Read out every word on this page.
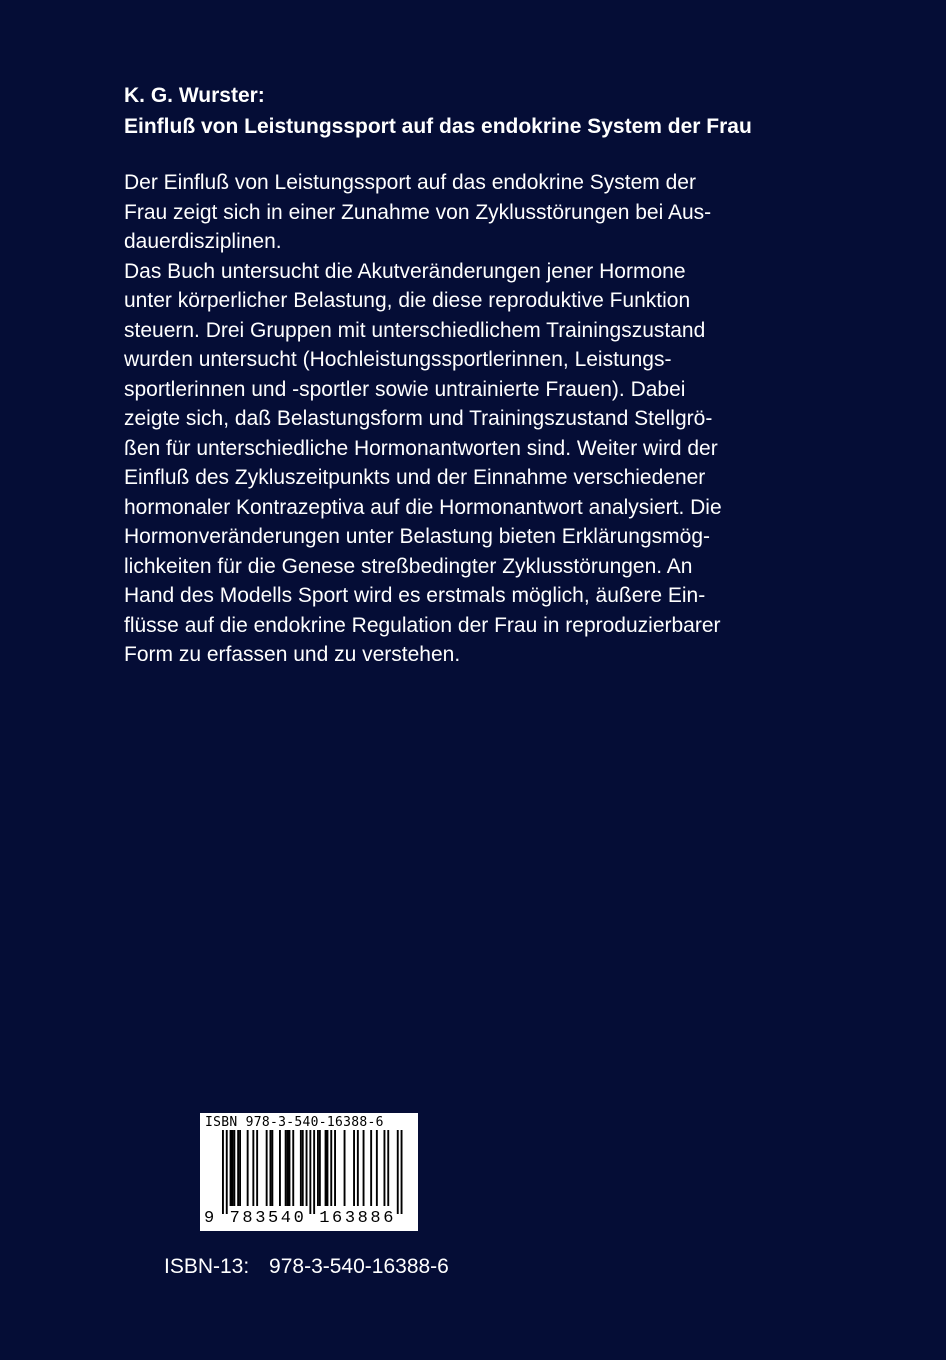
K. G. Wurster:
Einfluß von Leistungssport auf das endokrine System der Frau
Der Einfluß von Leistungssport auf das endokrine System der
Frau zeigt sich in einer Zunahme von Zyklusstörungen bei Aus-
dauerdisziplinen.
Das Buch untersucht die Akutveränderungen jener Hormone
unter körperlicher Belastung, die diese reproduktive Funktion
steuern. Drei Gruppen mit unterschiedlichem Trainingszustand
wurden untersucht (Hochleistungssportlerinnen, Leistungs-
sportlerinnen und -sportler sowie untrainierte Frauen). Dabei
zeigte sich, daß Belastungsform und Trainingszustand Stellgrö-
ßen für unterschiedliche Hormonantworten sind. Weiter wird der
Einfluß des Zykluszeitpunkts und der Einnahme verschiedener
hormonaler Kontrazeptiva auf die Hormonantwort analysiert. Die
Hormonveränderungen unter Belastung bieten Erklärungsmög-
lichkeiten für die Genese streßbedingter Zyklusstörungen. An
Hand des Modells Sport wird es erstmals möglich, äußere Ein-
flüsse auf die endokrine Regulation der Frau in reproduzierbarer
Form zu erfassen und zu verstehen.
ISBN 978-3-540-16388-6
9 783540 163886
ISBN-13: 978-3-540-16388-6
